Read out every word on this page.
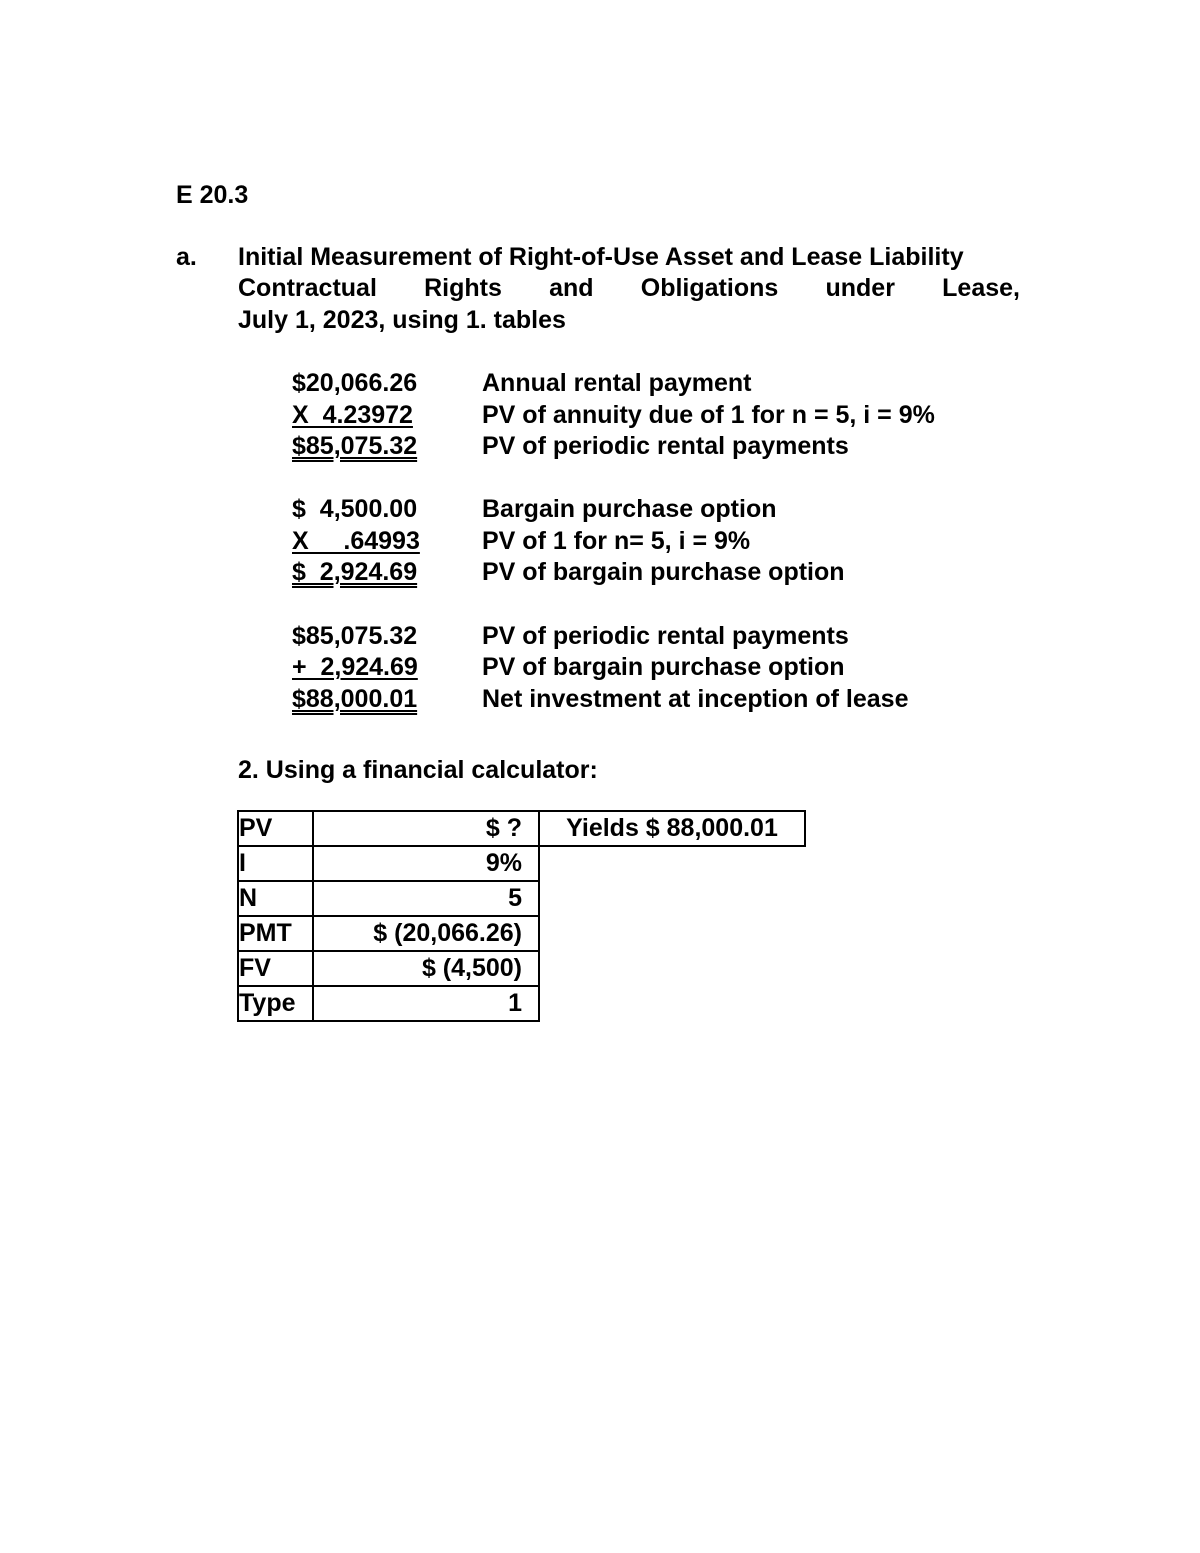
E 20.3
a. Initial Measurement of Right-of-Use Asset and Lease Liability
Contractual Rights and Obligations under Lease,
July 1, 2023, using 1. tables
$20,066.26	Annual rental payment
X  4.23972	PV of annuity due of 1 for n = 5, i = 9%
$85,075.32	PV of periodic rental payments
$  4,500.00	Bargain purchase option
X     .64993	PV of 1 for n= 5, i = 9%
$  2,924.69	PV of bargain purchase option
$85,075.32	PV of periodic rental payments
+  2,924.69	PV of bargain purchase option
$88,000.01	Net investment at inception of lease
2. Using a financial calculator:
PV	$ ?	Yields $ 88,000.01
I	9%	
N	5	
PMT	$ (20,066.26)	
FV	$ (4,500)	
Type	1	
